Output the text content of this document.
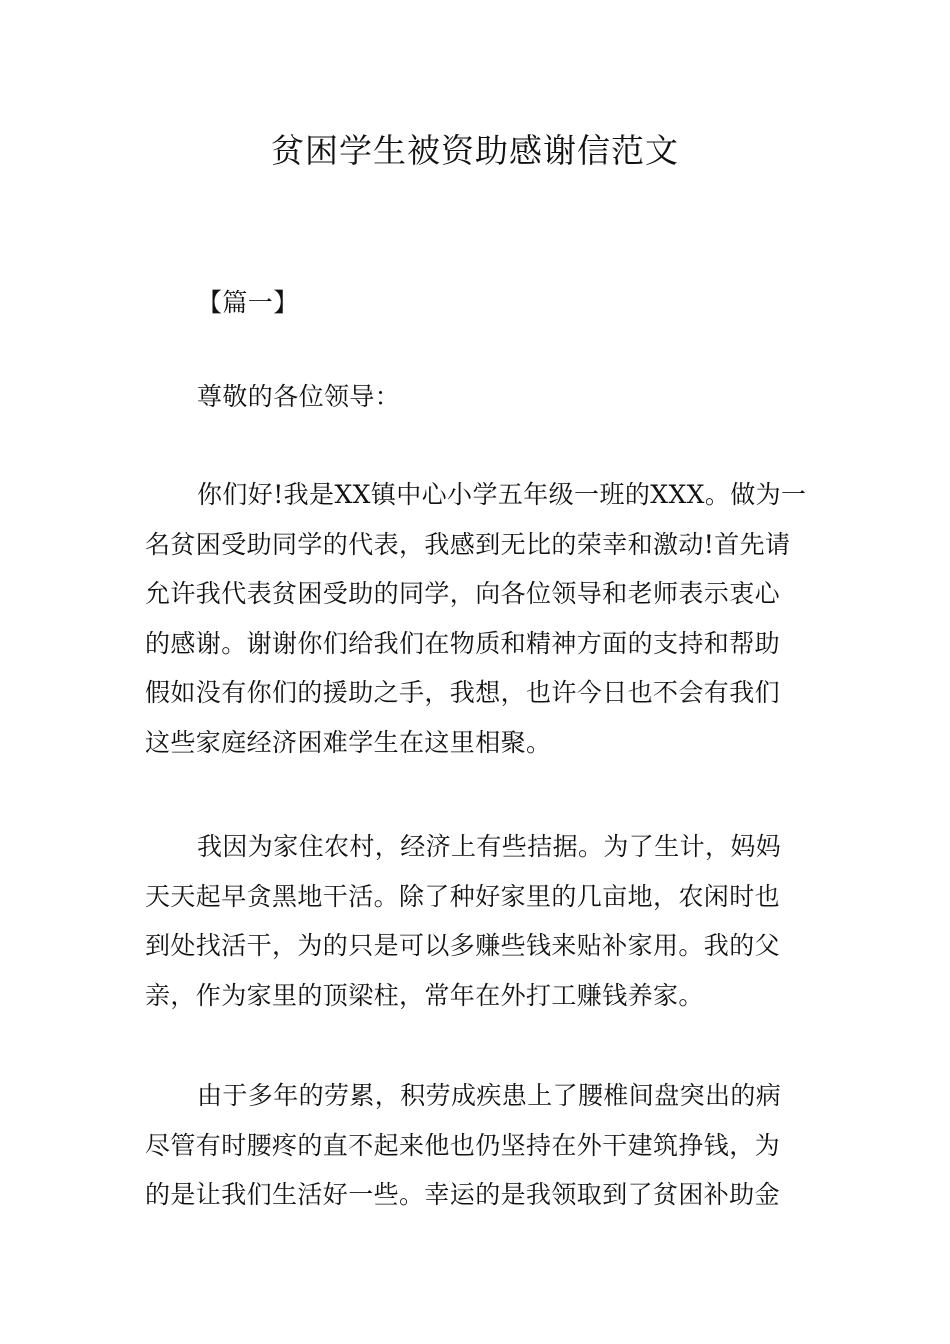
贫困学生被资助感谢信范文
【篇一】
尊敬的各位领导：
你们好!我是XX镇中心小学五年级一班的XXX。做为一
名贫困受助同学的代表，我感到无比的荣幸和激动!首先请
允许我代表贫困受助的同学，向各位领导和老师表示衷心
的感谢。谢谢你们给我们在物质和精神方面的支持和帮助
假如没有你们的援助之手，我想，也许今日也不会有我们
这些家庭经济困难学生在这里相聚。
我因为家住农村，经济上有些拮据。为了生计，妈妈
天天起早贪黑地干活。除了种好家里的几亩地，农闲时也
到处找活干，为的只是可以多赚些钱来贴补家用。我的父
亲，作为家里的顶梁柱，常年在外打工赚钱养家。
由于多年的劳累，积劳成疾患上了腰椎间盘突出的病
尽管有时腰疼的直不起来他也仍坚持在外干建筑挣钱，为
的是让我们生活好一些。幸运的是我领取到了贫困补助金
